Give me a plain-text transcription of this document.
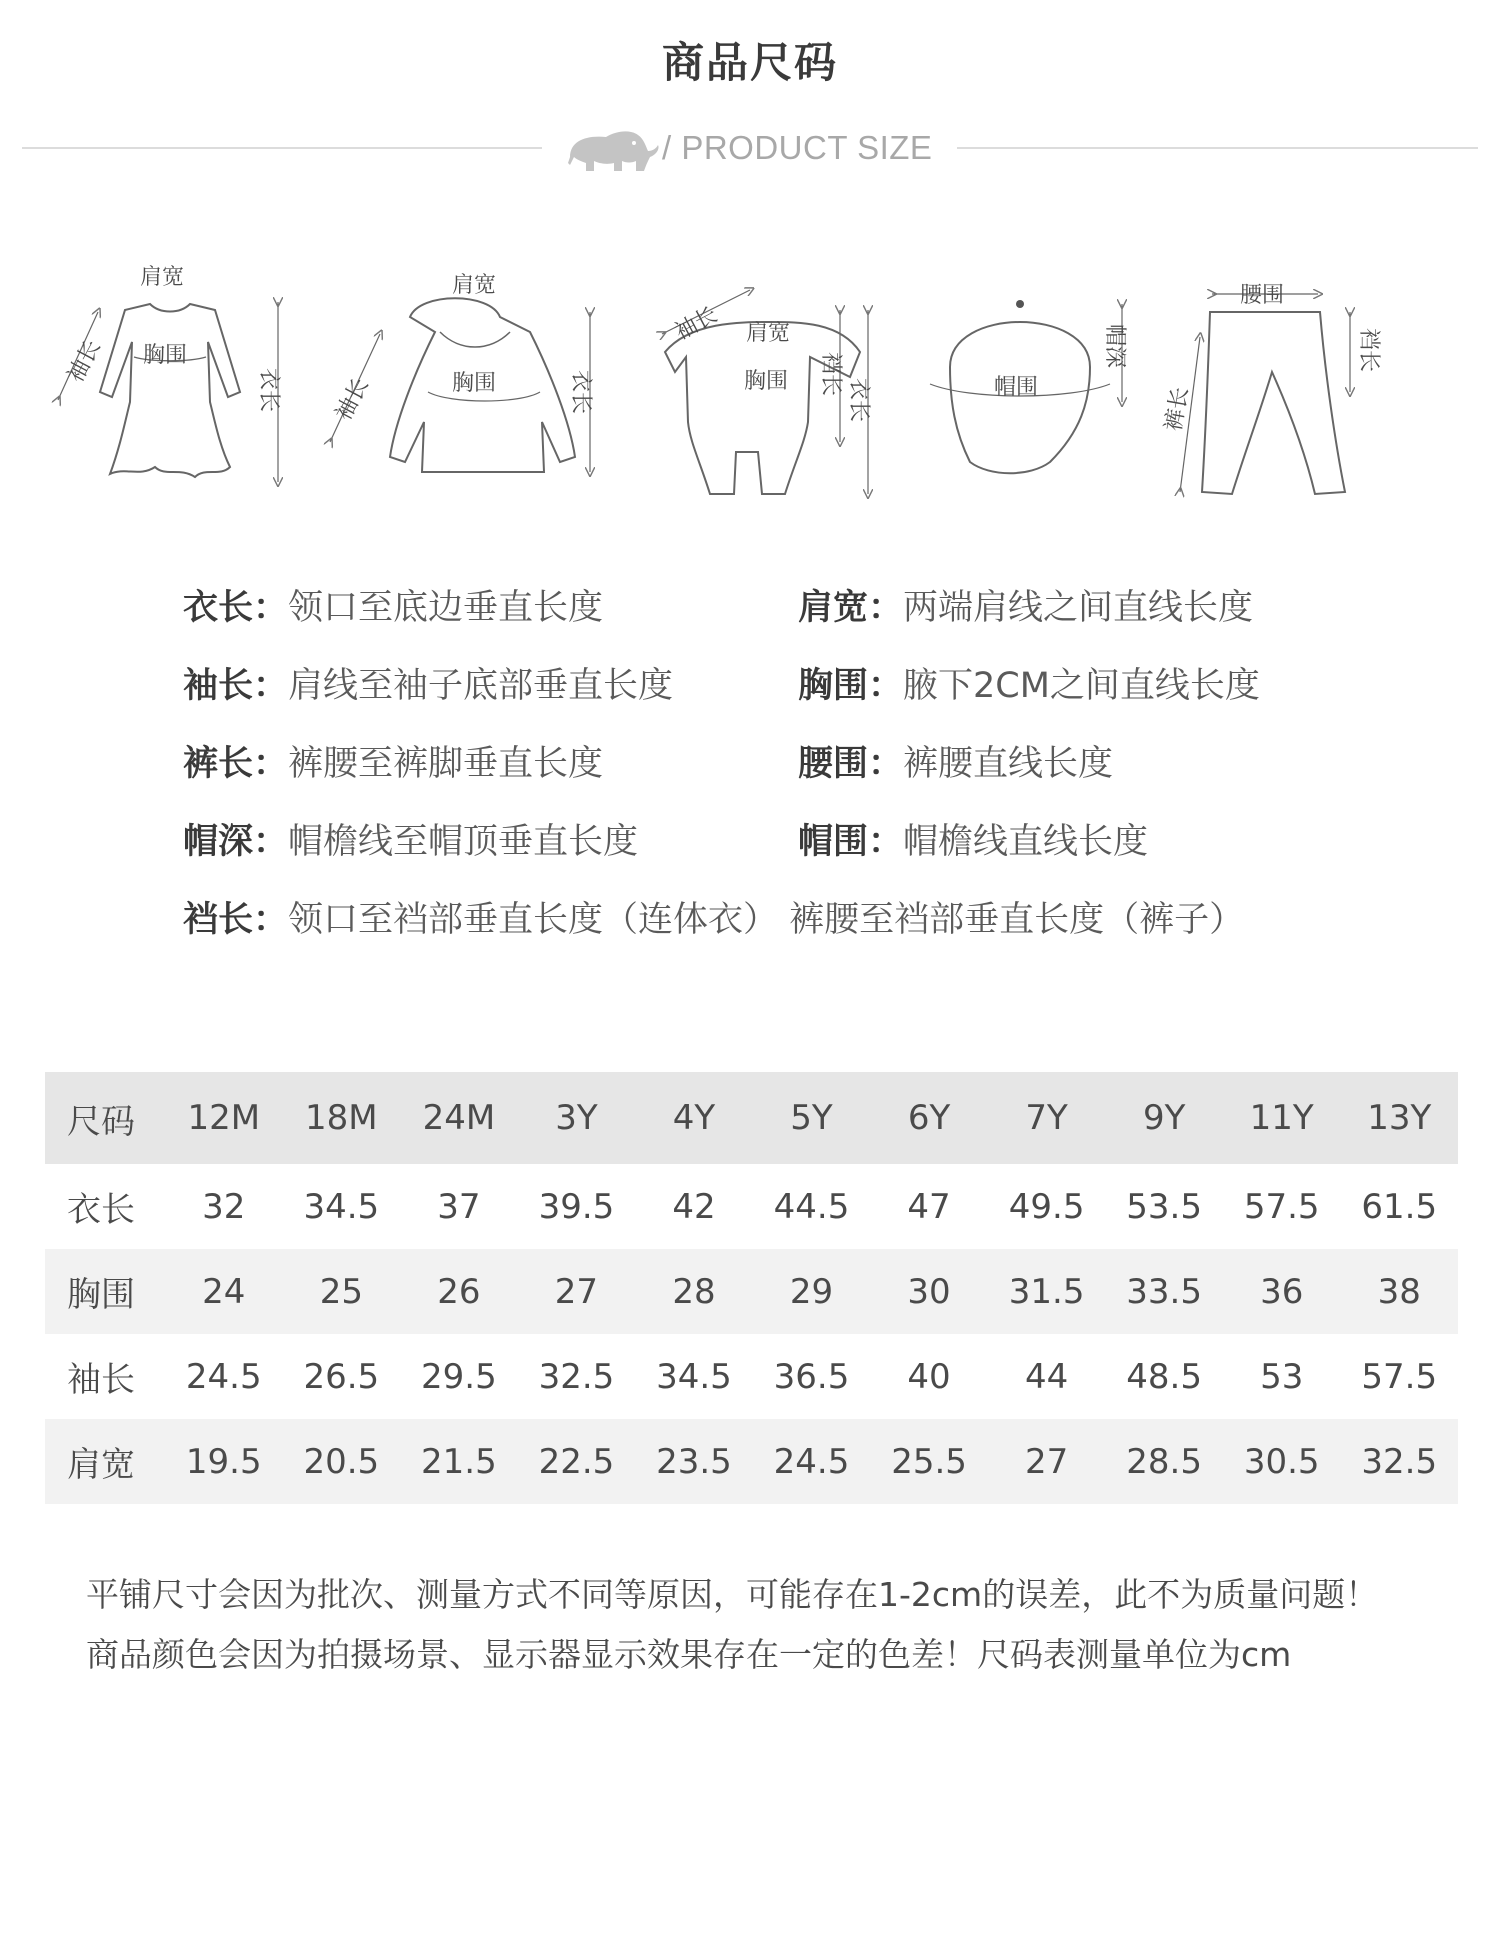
商品尺码
/ PRODUCT SIZE
肩宽
胸围
袖长
衣长
肩宽
胸围
袖长	衣长
袖长 肩宽
胸围 裆长
衣长	帽围
帽深
腰围
裤长
裆长
衣长：领口至底边垂直长度	肩宽：两端肩线之间直线长度
袖长：肩线至袖子底部垂直长度	胸围：腋下2CM之间直线长度
裤长：裤腰至裤脚垂直长度	腰围：裤腰直线长度
帽深：帽檐线至帽顶垂直长度	帽围：帽檐线直线长度
裆长：领口至裆部垂直长度（连体衣） 裤腰至裆部垂直长度（裤子）
尺码	12M	18M	24M	3Y	4Y	5Y	6Y	7Y	9Y	11Y	13Y
衣长	32	34.5	37	39.5	42	44.5	47	49.5	53.5	57.5	61.5
胸围	24	25	26	27	28	29	30	31.5	33.5	36	38
袖长	24.5	26.5	29.5	32.5	34.5	36.5	40	44	48.5	53	57.5
肩宽	19.5	20.5	21.5	22.5	23.5	24.5	25.5	27	28.5	30.5	32.5
平铺尺寸会因为批次、测量方式不同等原因，可能存在1-2cm的误差，此不为质量问题！
商品颜色会因为拍摄场景、显示器显示效果存在一定的色差！尺码表测量单位为cm
